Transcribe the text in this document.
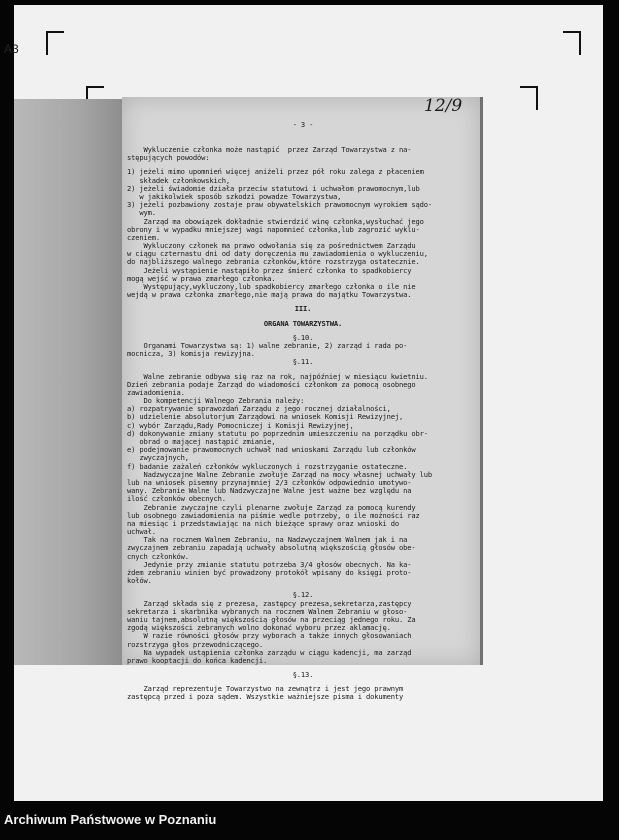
A3

- 3 -

Wykluczenie członka może nastąpić  przez Zarząd Towarzystwa z na-
stępujących powodów:
1) jeżeli mimo upomnień więcej aniżeli przez pół roku zalega z płaceniem
składek członkowskich,
2) jeżeli świadomie działa przeciw statutowi i uchwałom prawomocnym,lub
w jakikolwiek sposób szkodzi powadze Towarzystwa,
3) jeżeli pozbawiony zostaje praw obywatelskich prawomocnym wyrokiem sądo-
wym.
Zarząd ma obowiązek dokładnie stwierdzić winę członka,wysłuchać jego
obrony i w wypadku mniejszej wagi napomnieć członka,lub zagrozić wyklu-
czeniem.
Wykluczony członek ma prawo odwołania się za pośrednictwem Zarządu
w ciągu czternastu dni od daty doręczenia mu zawiadomienia o wykluczeniu,
do najbliższego walnego zebrania członków,które rozstrzyga ostatecznie.
Jeżeli wystąpienie nastąpiło przez śmierć członka to spadkobiercy
mogą wejść w prawa zmarłego członka.
Występujący,wykluczony,lub spadkobiercy zmarłego członka o ile nie
wejdą w prawa członka zmarłego,nie mają prawa do majątku Towarzystwa.
III.
ORGANA TOWARZYSTWA.
§.10.
Organami Towarzystwa są: 1) walne zebranie, 2) zarząd i rada po-
mocnicza, 3) komisja rewizyjna.
§.11.
Walne zebranie odbywa się raz na rok, najpóźniej w miesiącu kwietniu.
Dzień zebrania podaje Zarząd do wiadomości członkom za pomocą osobnego
zawiadomienia.
Do kompetencji Walnego Zebrania należy:
a) rozpatrywanie sprawozdań Zarządu z jego rocznej działalności,
b) udzielenie absolutorjum Zarządowi na wniosek Komisji Rewizyjnej,
c) wybór Zarządu,Rady Pomocniczej i Komisji Rewizyjnej,
d) dokonywanie zmiany statutu po poprzednim umieszczeniu na porządku obr-
obrad o mającej nastąpić zmianie,
e) podejmowanie prawomocnych uchwał nad wnioskami Zarządu lub członków
zwyczajnych,
f) badanie zażaleń członków wykluczonych i rozstrzyganie ostateczne.
Nadzwyczajne Walne Zebranie zwołuje Zarząd na mocy własnej uchwały lub
lub na wniosek pisemny przynajmniej 2/3 członków odpowiednio umotywo-
wany. Zebranie Walne lub Nadzwyczajne Walne jest ważne bez względu na
ilość członków obecnych.
Zebranie zwyczajne czyli plenarne zwołuje Zarząd za pomocą kurendy
lub osobnego zawiadomienia na piśmie wedle potrzeby, o ile możności raz
na miesiąc i przedstawiając na nich bieżące sprawy oraz wnioski do
uchwał.
Tak na rocznem Walnem Zebraniu, na Nadzwyczajnem Walnem jak i na
zwyczajnem zebraniu zapadają uchwały absolutną większością głosów obe-
cnych członków.
Jedynie przy zmianie statutu potrzeba 3/4 głosów obecnych. Na ka-
żdem zebraniu winien być prowadzony protokół wpisany do księgi proto-
kołów.
§.12.
Zarząd składa się z prezesa, zastępcy prezesa,sekretarza,zastępcy
sekretarza i skarbnika wybranych na rocznem Walnem Zebraniu w głoso-
waniu tajnem,absolutną większością głosów na przeciąg jednego roku. Za
zgodą większości zebranych wolno dokonać wyboru przez aklamację.
W razie równości głosów przy wyborach a także innych głosowaniach
rozstrzyga głos przewodniczącego.
Na wypadek ustąpienia członka zarządu w ciągu kadencji, ma zarząd
prawo kooptacji do końca kadencji.
§.13.
Zarząd reprezentuje Towarzystwo na zewnątrz i jest jego prawnym
zastępcą przed i poza sądem. Wszystkie ważniejsze pisma i dokumenty

12/9
Archiwum Państwowe w Poznaniu
